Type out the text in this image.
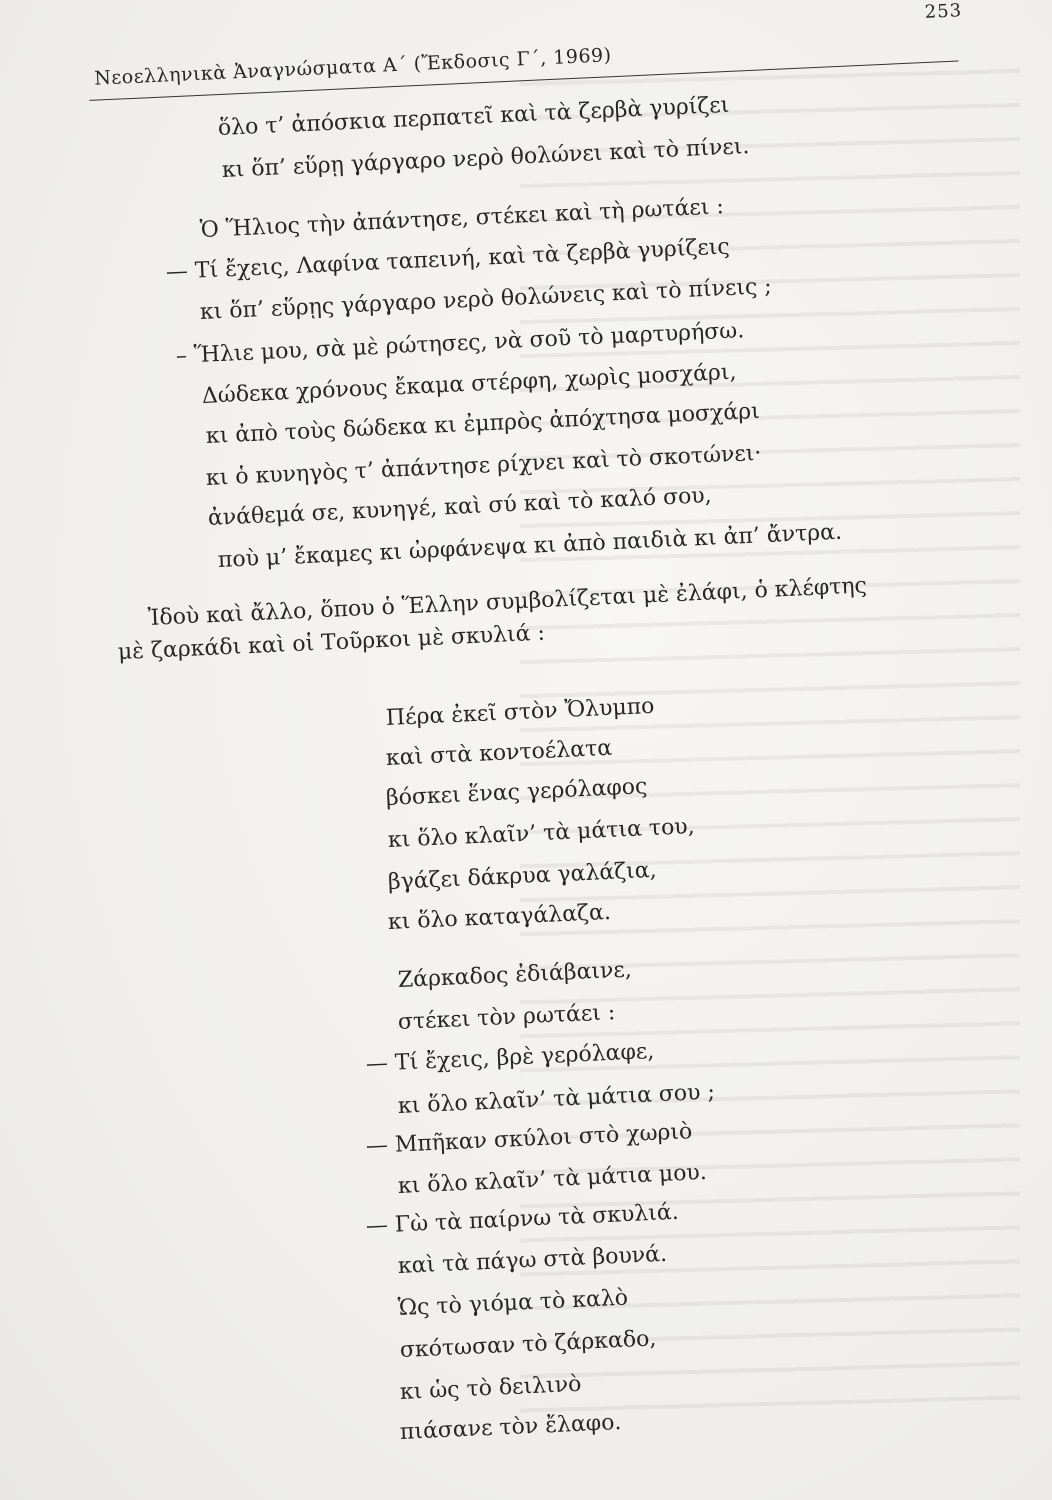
Νεοελληνικὰ Ἀναγνώσματα Α΄ (Ἔκδοσις Γ΄, 1969)
253
ὅλο τ’ ἀπόσκια περπατεῖ καὶ τὰ ζερβὰ γυρίζει
κι ὅπ’ εὕρῃ γάργαρο νερὸ θολώνει καὶ τὸ πίνει.
Ὁ Ἥλιος τὴν ἀπάντησε, στέκει καὶ τὴ ρωτάει :
— Τί ἔχεις, Λαφίνα ταπεινή, καὶ τὰ ζερβὰ γυρίζεις
κι ὅπ’ εὕρῃς γάργαρο νερὸ θολώνεις καὶ τὸ πίνεις ;
– Ἥλιε μου, σὰ μὲ ρώτησες, νὰ σοῦ τὸ μαρτυρήσω.
Δώδεκα χρόνους ἔκαμα στέρφη, χωρὶς μοσχάρι,
κι ἀπὸ τοὺς δώδεκα κι ἐμπρὸς ἀπόχτησα μοσχάρι
κι ὁ κυνηγὸς τ’ ἀπάντησε ρίχνει καὶ τὸ σκοτώνει·
ἀνάθεμά σε, κυνηγέ, καὶ σύ καὶ τὸ καλό σου,
ποὺ μ’ ἔκαμες κι ὠρφάνεψα κι ἀπὸ παιδιὰ κι ἀπ’ ἄντρα.
Ἰδοὺ καὶ ἄλλο, ὅπου ὁ Ἕλλην συμβολίζεται μὲ ἐλάφι, ὁ κλέφτης
μὲ ζαρκάδι καὶ οἱ Τοῦρκοι μὲ σκυλιά :
Πέρα ἐκεῖ στὸν Ὄλυμπο
καὶ στὰ κοντοέλατα
βόσκει ἕνας γερόλαφος
κι ὅλο κλαῖν’ τὰ μάτια του,
βγάζει δάκρυα γαλάζια,
κι ὅλο καταγάλαζα.
Ζάρκαδος ἐδιάβαινε,
στέκει τὸν ρωτάει :
— Τί ἔχεις, βρὲ γερόλαφε,
κι ὅλο κλαῖν’ τὰ μάτια σου ;
— Μπῆκαν σκύλοι στὸ χωριὸ
κι ὅλο κλαῖν’ τὰ μάτια μου.
— Γὼ τὰ παίρνω τὰ σκυλιά.
καὶ τὰ πάγω στὰ βουνά.
Ὡς τὸ γιόμα τὸ καλὸ
σκότωσαν τὸ ζάρκαδο,
κι ὡς τὸ δειλινὸ
πιάσανε τὸν ἔλαφο.
